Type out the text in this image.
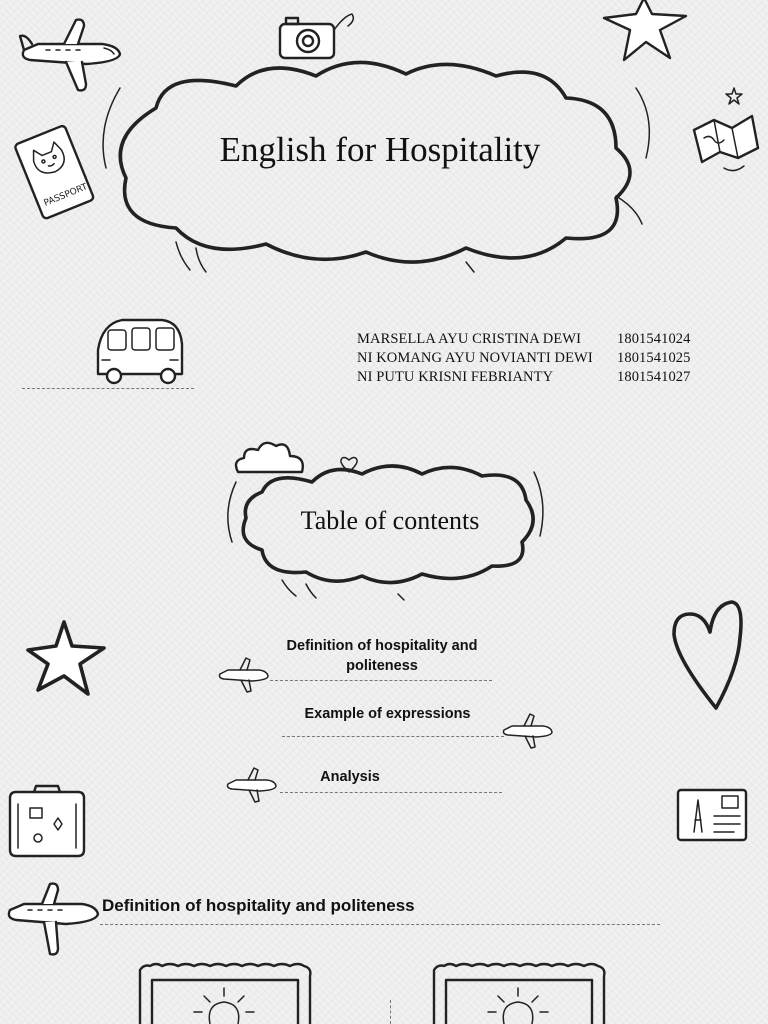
PASSPORT
English for Hospitality
MARSELLA AYU CRISTINA DEWI 1801541024
NI KOMANG AYU NOVIANTI DEWI 1801541025
NI PUTU KRISNI FEBRIANTY	1801541027
Table of contents
Definition of hospitality and politeness
Example of expressions
Analysis
Definition of hospitality and politeness
